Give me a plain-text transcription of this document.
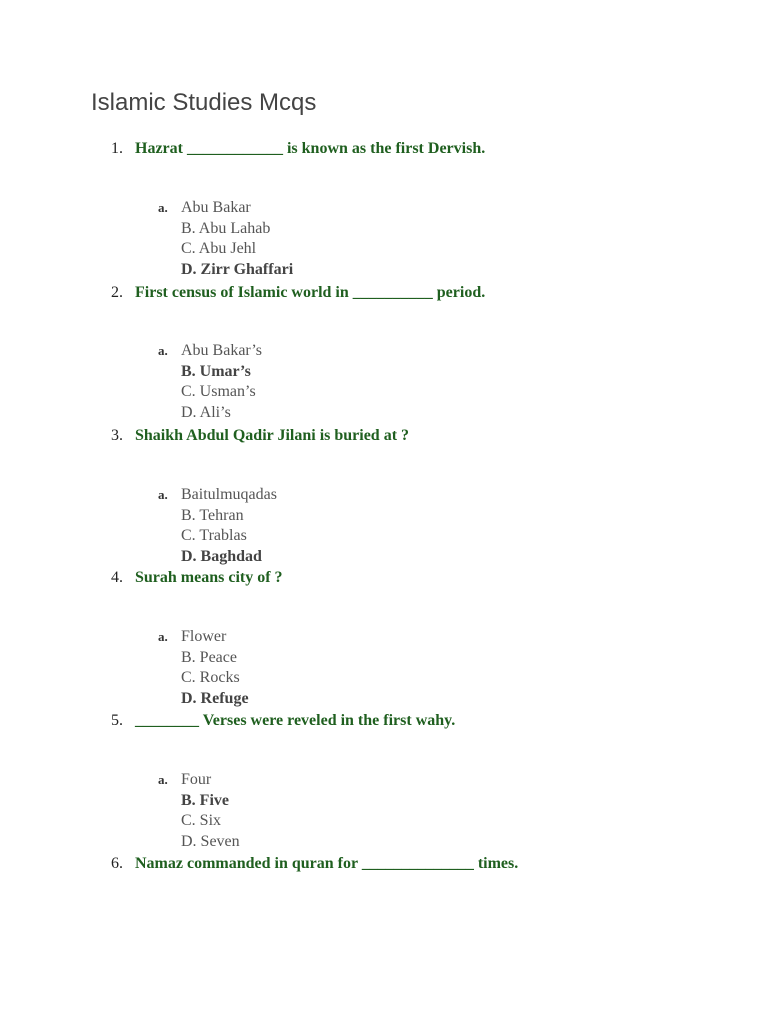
Islamic Studies Mcqs
1. Hazrat ____________ is known as the first Dervish.
a. Abu Bakar
B. Abu Lahab
C. Abu Jehl
D. Zirr Ghaffari
2. First census of Islamic world in __________ period.
a. Abu Bakar’s
B. Umar’s
C. Usman’s
D. Ali’s
3. Shaikh Abdul Qadir Jilani is buried at ?
a. Baitulmuqadas
B. Tehran
C. Trablas
D. Baghdad
4. Surah means city of ?
a. Flower
B. Peace
C. Rocks
D. Refuge
5. ________ Verses were reveled in the first wahy.
a. Four
B. Five
C. Six
D. Seven
6. Namaz commanded in quran for ______________ times.
